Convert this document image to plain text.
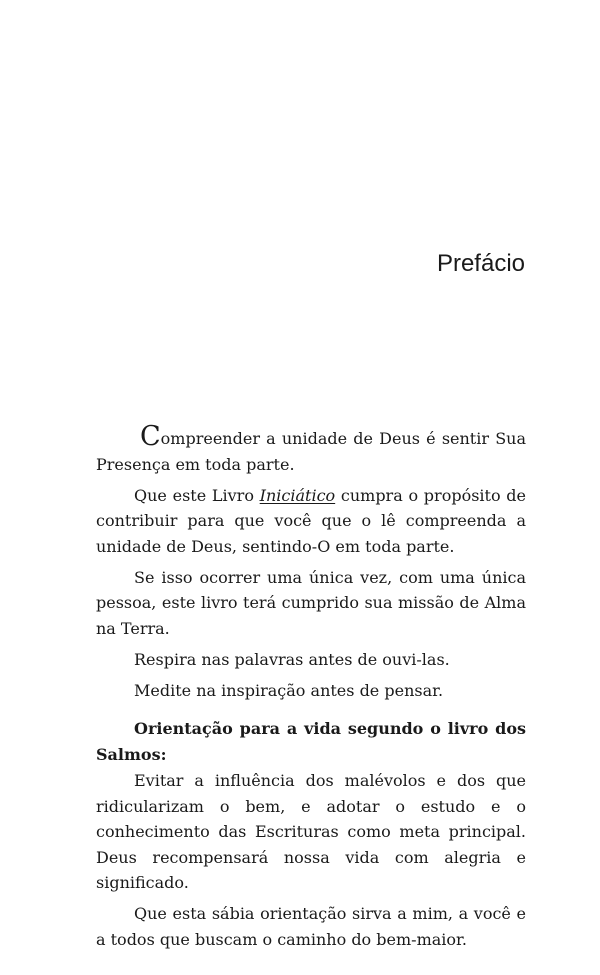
Prefácio

Compreender a unidade de Deus é sentir Sua Presença em toda parte.

Que este Livro Iniciático cumpra o propósito de contribuir para que você que o lê compreenda a unidade de Deus, sentindo-O em toda parte.

Se isso ocorrer uma única vez, com uma única pessoa, este livro terá cumprido sua missão de Alma na Terra.

Respira nas palavras antes de ouvi-las.

Medite na inspiração antes de pensar.

Orientação para a vida segundo o livro dos Salmos:

Evitar a influência dos malévolos e dos que ridicularizam o bem, e adotar o estudo e o conhecimento das Escrituras como meta principal. Deus recompensará nossa vida com alegria e significado.

Que esta sábia orientação sirva a mim, a você e a todos que buscam o caminho do bem-maior.
